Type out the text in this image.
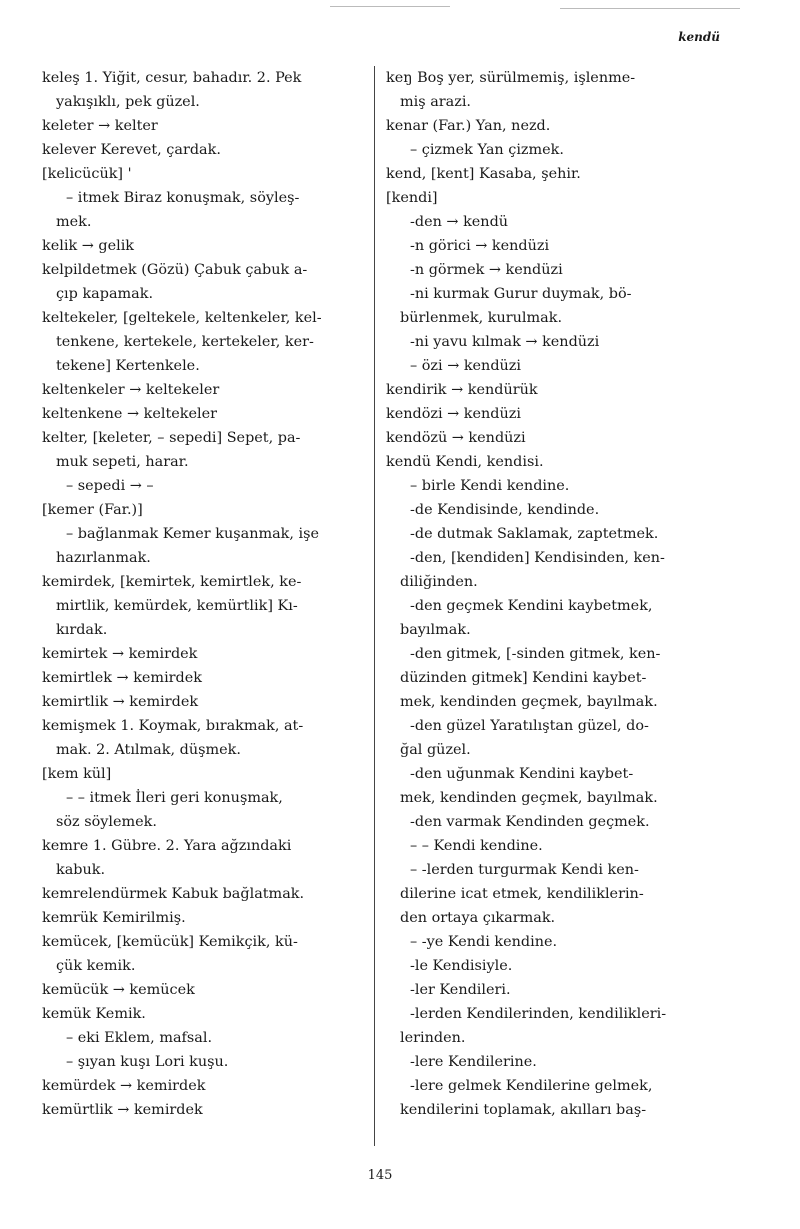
kendü
keleş 1. Yiğit, cesur, bahadır. 2. Pek
yakışıklı, pek güzel.
keleter → kelter
kelever Kerevet, çardak.
[kelicücük] '
– itmek Biraz konuşmak, söyleş-
mek.
kelik → gelik
kelpildetmek (Gözü) Çabuk çabuk a-
çıp kapamak.
keltekeler, [geltekele, keltenkeler, kel-
tenkene, kertekele, kertekeler, ker-
tekene] Kertenkele.
keltenkeler → keltekeler
keltenkene → keltekeler
kelter, [keleter, – sepedi] Sepet, pa-
muk sepeti, harar.
– sepedi → –
[kemer (Far.)]
– bağlanmak Kemer kuşanmak, işe
hazırlanmak.
kemirdek, [kemirtek, kemirtlek, ke-
mirtlik, kemürdek, kemürtlik] Kı-
kırdak.
kemirtek → kemirdek
kemirtlek → kemirdek
kemirtlik → kemirdek
kemişmek 1. Koymak, bırakmak, at-
mak. 2. Atılmak, düşmek.
[kem kül]
– – itmek İleri geri konuşmak,
söz söylemek.
kemre 1. Gübre. 2. Yara ağzındaki
kabuk.
kemrelendürmek Kabuk bağlatmak.
kemrük Kemirilmiş.
kemücek, [kemücük] Kemikçik, kü-
çük kemik.
kemücük → kemücek
kemük Kemik.
– eki Eklem, mafsal.
– şıyan kuşı Lori kuşu.
kemürdek → kemirdek
kemürtlik → kemirdek
keŋ Boş yer, sürülmemiş, işlenme-
miş arazi.
kenar (Far.) Yan, nezd.
– çizmek Yan çizmek.
kend, [kent] Kasaba, şehir.
[kendi]
-den → kendü
-n görici → kendüzi
-n görmek → kendüzi
-ni kurmak Gurur duymak, bö-
bürlenmek, kurulmak.
-ni yavu kılmak → kendüzi
– özi → kendüzi
kendirik → kendürük
kendözi → kendüzi
kendözü → kendüzi
kendü Kendi, kendisi.
– birle Kendi kendine.
-de Kendisinde, kendinde.
-de dutmak Saklamak, zaptetmek.
-den, [kendiden] Kendisinden, ken-
diliğinden.
-den geçmek Kendini kaybetmek,
bayılmak.
-den gitmek, [-sinden gitmek, ken-
düzinden gitmek] Kendini kaybet-
mek, kendinden geçmek, bayılmak.
-den güzel Yaratılıştan güzel, do-
ğal güzel.
-den uğunmak Kendini kaybet-
mek, kendinden geçmek, bayılmak.
-den varmak Kendinden geçmek.
– – Kendi kendine.
– -lerden turgurmak Kendi ken-
dilerine icat etmek, kendiliklerin-
den ortaya çıkarmak.
– -ye Kendi kendine.
-le Kendisiyle.
-ler Kendileri.
-lerden Kendilerinden, kendilikleri-
lerinden.
-lere Kendilerine.
-lere gelmek Kendilerine gelmek,
kendilerini toplamak, akılları baş-
145
